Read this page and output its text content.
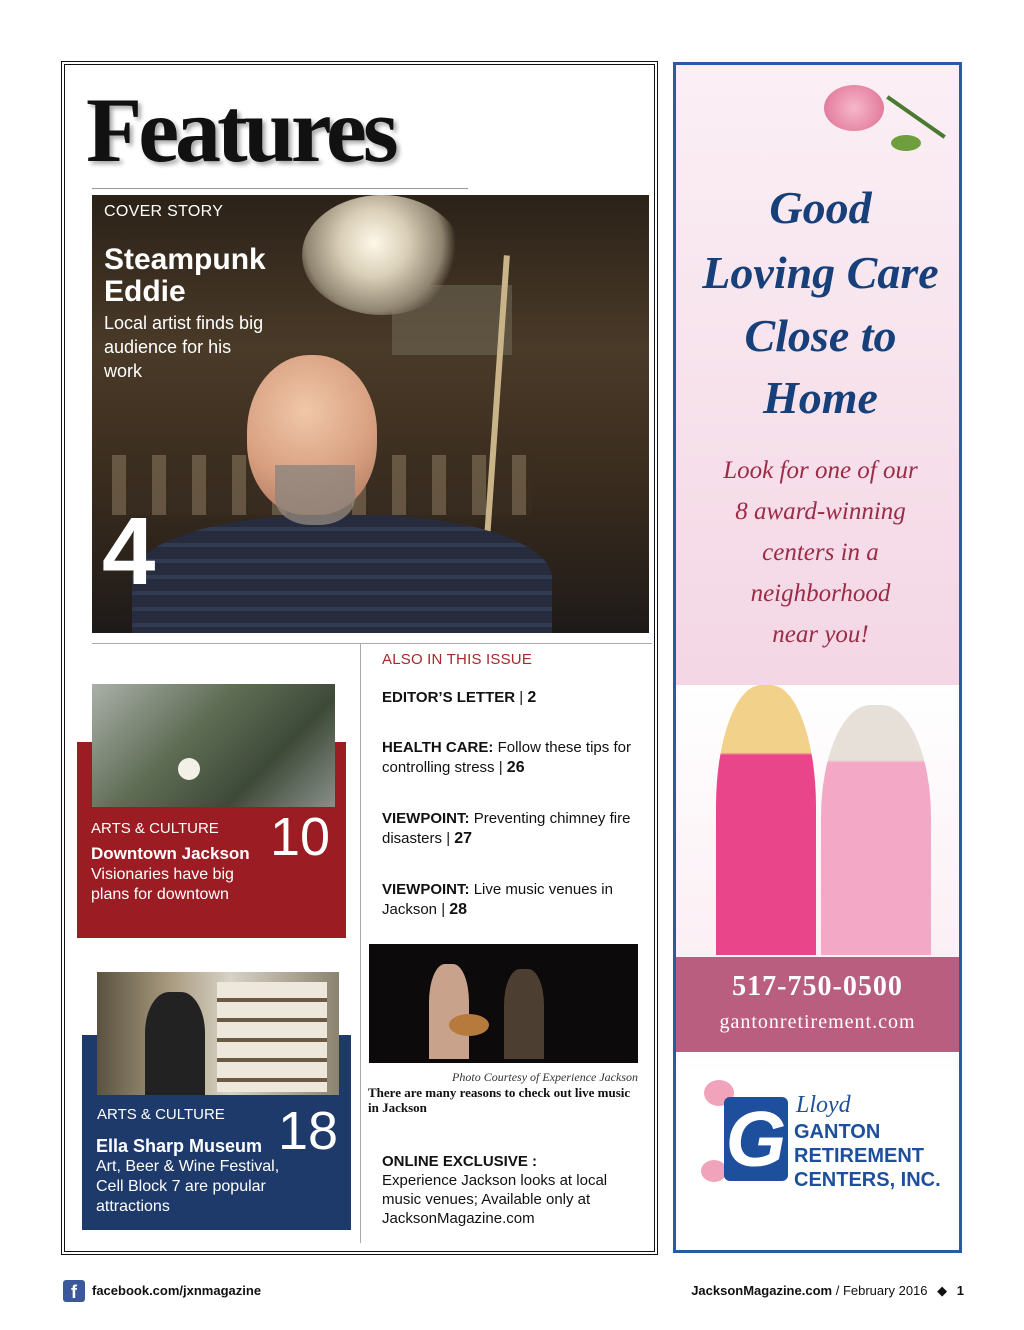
Features
COVER STORY
Steampunk
Eddie
Local artist finds big audience for his work
4
ALSO IN THIS ISSUE
EDITOR’S LETTER | 2
HEALTH CARE: Follow these tips for controlling stress | 26
VIEWPOINT: Preventing chimney fire disasters | 27
VIEWPOINT: Live music venues in Jackson | 28
ARTS & CULTURE
Downtown Jackson
Visionaries have big plans for downtown
10
ARTS & CULTURE
Ella Sharp Museum
Art, Beer & Wine Festival, Cell Block 7 are popular attractions
18
Photo Courtesy of Experience Jackson
There are many reasons to check out live music in Jackson
ONLINE EXCLUSIVE :
Experience Jackson looks at local music venues; Available only at JacksonMagazine.com
Good
Loving Care
Close to
Home
Look for one of our
8 award-winning
centers in a
neighborhood
near you!
517-750-0500
gantonretirement.com
G Lloyd
GANTON
RETIREMENT
CENTERS, INC.
f	facebook.com/jxnmagazine	JacksonMagazine.com / February 2016 ◆ 1
